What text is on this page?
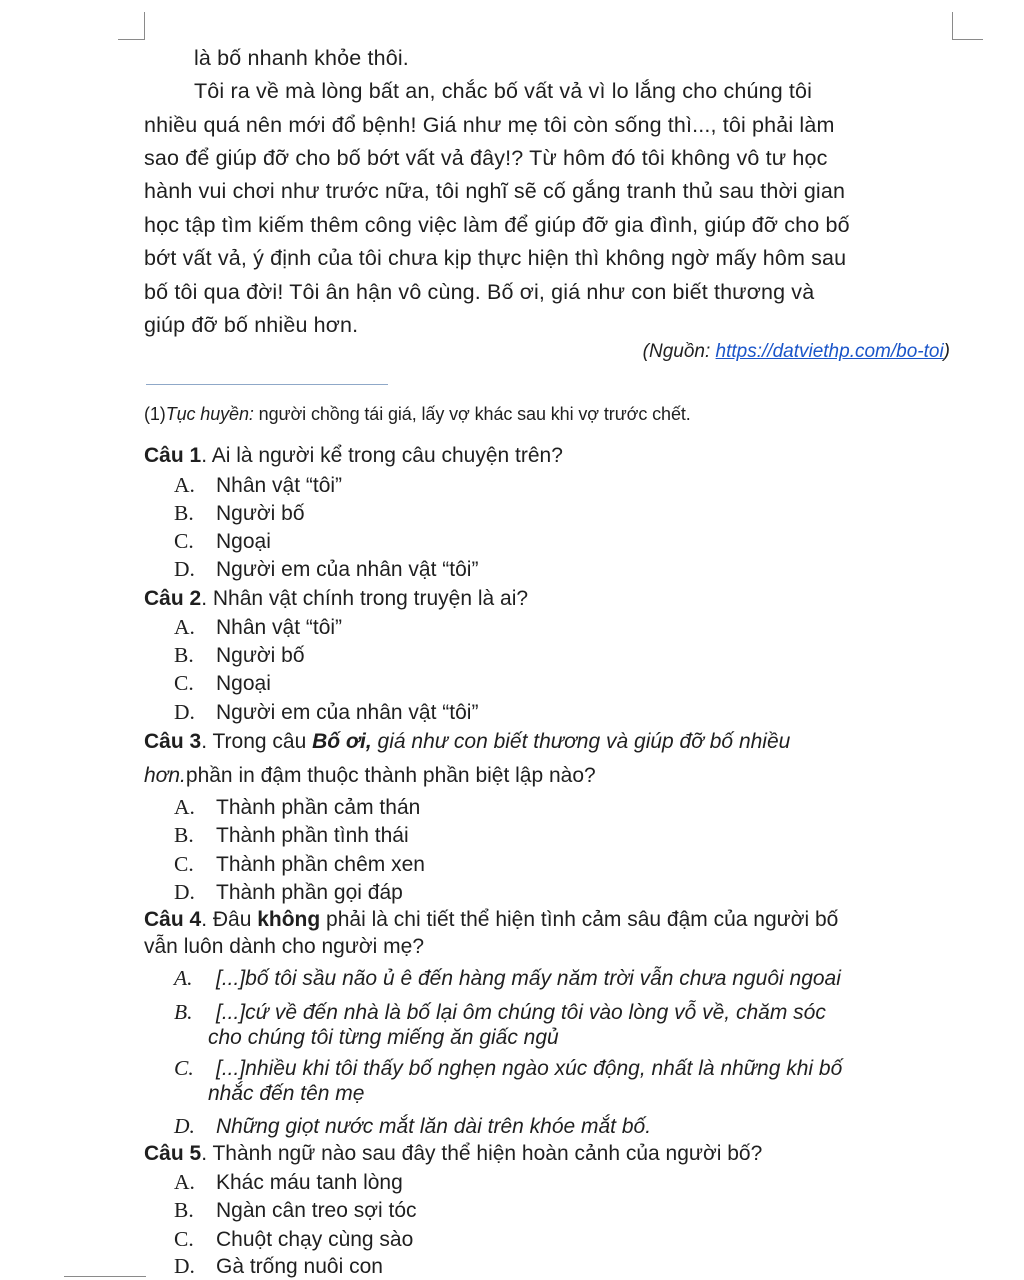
là bố nhanh khỏe thôi.
Tôi ra về mà lòng bất an, chắc bố vất vả vì lo lắng cho chúng tôi
nhiều quá nên mới đổ bệnh! Giá như mẹ tôi còn sống thì..., tôi phải làm
sao để giúp đỡ cho bố bớt vất vả đây!? Từ hôm đó tôi không vô tư học
hành vui chơi như trước nữa, tôi nghĩ sẽ cố gắng tranh thủ sau thời gian
học tập tìm kiếm thêm công việc làm để giúp đỡ gia đình, giúp đỡ cho bố
bớt vất vả, ý định của tôi chưa kịp thực hiện thì không ngờ mấy hôm sau
bố tôi qua đời! Tôi ân hận vô cùng. Bố ơi, giá như con biết thương và
giúp đỡ bố nhiều hơn.
(Nguồn: https://datviethp.com/bo-toi)
(1)Tục huyền: người chồng tái giá, lấy vợ khác sau khi vợ trước chết.
Câu 1. Ai là người kể trong câu chuyện trên?
A. Nhân vật “tôi”
B. Người bố
C. Ngoại
D. Người em của nhân vật “tôi”
Câu 2. Nhân vật chính trong truyện là ai?
A. Nhân vật “tôi”
B. Người bố
C. Ngoại
D. Người em của nhân vật “tôi”
Câu 3. Trong câu Bố ơi, giá như con biết thương và giúp đỡ bố nhiều
hơn.phần in đậm thuộc thành phần biệt lập nào?
A. Thành phần cảm thán
B. Thành phần tình thái
C. Thành phần chêm xen
D. Thành phần gọi đáp
Câu 4. Đâu không phải là chi tiết thể hiện tình cảm sâu đậm của người bố
vẫn luôn dành cho người mẹ?
A. [...]bố tôi sầu não ủ ê đến hàng mấy năm trời vẫn chưa nguôi ngoai
B. [...]cứ về đến nhà là bố lại ôm chúng tôi vào lòng vỗ về, chăm sóc
cho chúng tôi từng miếng ăn giấc ngủ
C. [...]nhiều khi tôi thấy bố nghẹn ngào xúc động, nhất là những khi bố
nhắc đến tên mẹ
D. Những giọt nước mắt lăn dài trên khóe mắt bố.
Câu 5. Thành ngữ nào sau đây thể hiện hoàn cảnh của người bố?
A. Khác máu tanh lòng
B. Ngàn cân treo sợi tóc
C. Chuột chạy cùng sào
D. Gà trống nuôi con
